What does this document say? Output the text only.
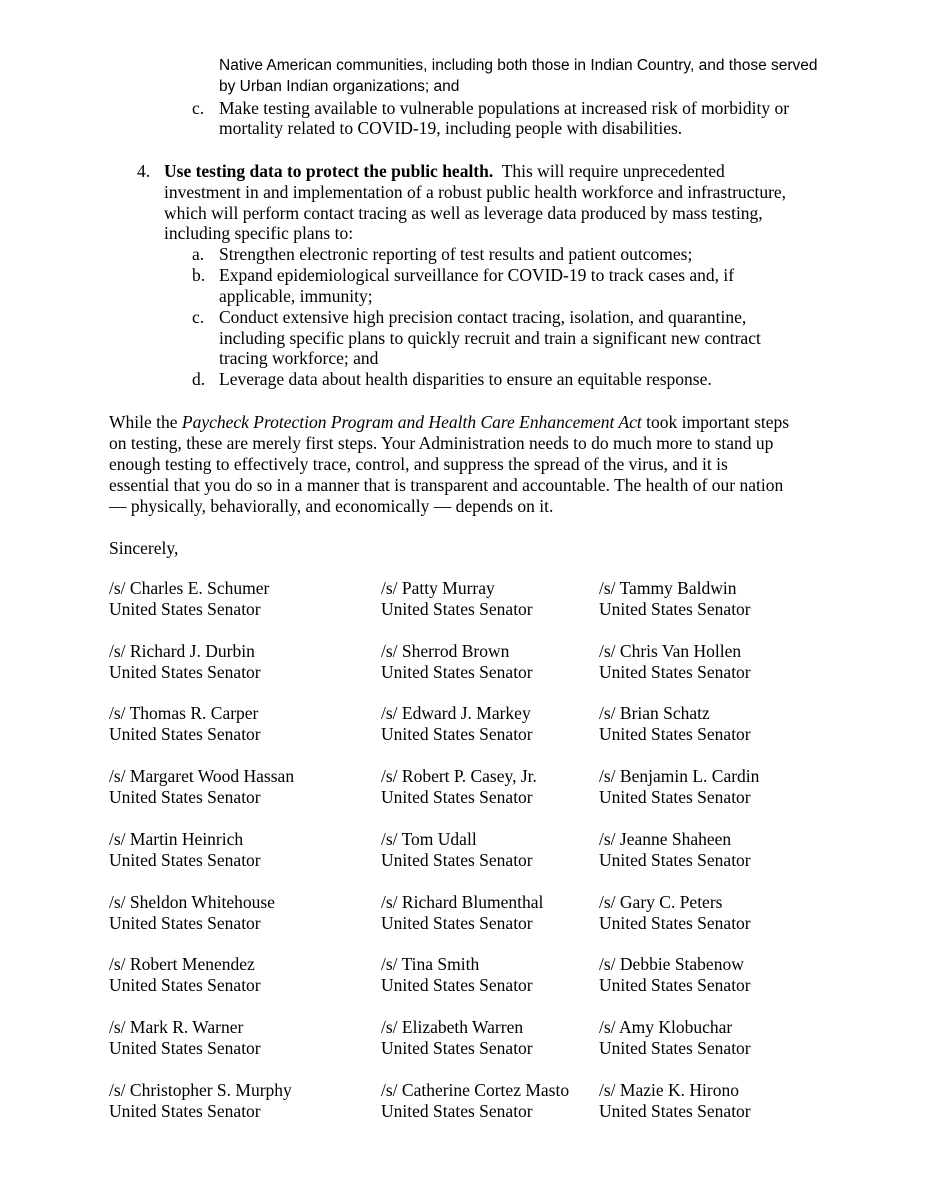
Native American communities, including both those in Indian Country, and those served
by Urban Indian organizations; and
c. Make testing available to vulnerable populations at increased risk of morbidity or
mortality related to COVID-19, including people with disabilities.
4. Use testing data to protect the public health. This will require unprecedented
investment in and implementation of a robust public health workforce and infrastructure,
which will perform contact tracing as well as leverage data produced by mass testing,
including specific plans to:
a. Strengthen electronic reporting of test results and patient outcomes;
b. Expand epidemiological surveillance for COVID-19 to track cases and, if
applicable, immunity;
c. Conduct extensive high precision contact tracing, isolation, and quarantine,
including specific plans to quickly recruit and train a significant new contract
tracing workforce; and
d. Leverage data about health disparities to ensure an equitable response.
While the Paycheck Protection Program and Health Care Enhancement Act took important steps
on testing, these are merely first steps. Your Administration needs to do much more to stand up
enough testing to effectively trace, control, and suppress the spread of the virus, and it is
essential that you do so in a manner that is transparent and accountable. The health of our nation
— physically, behaviorally, and economically — depends on it.
Sincerely,
/s/ Charles E. Schumer
United States Senator
/s/ Patty Murray
United States Senator
/s/ Tammy Baldwin
United States Senator
/s/ Richard J. Durbin
United States Senator
/s/ Sherrod Brown
United States Senator
/s/ Chris Van Hollen
United States Senator
/s/ Thomas R. Carper
United States Senator
/s/ Edward J. Markey
United States Senator
/s/ Brian Schatz
United States Senator
/s/ Margaret Wood Hassan
United States Senator
/s/ Robert P. Casey, Jr.
United States Senator
/s/ Benjamin L. Cardin
United States Senator
/s/ Martin Heinrich
United States Senator
/s/ Tom Udall
United States Senator
/s/ Jeanne Shaheen
United States Senator
/s/ Sheldon Whitehouse
United States Senator
/s/ Richard Blumenthal
United States Senator
/s/ Gary C. Peters
United States Senator
/s/ Robert Menendez
United States Senator
/s/ Tina Smith
United States Senator
/s/ Debbie Stabenow
United States Senator
/s/ Mark R. Warner
United States Senator
/s/ Elizabeth Warren
United States Senator
/s/ Amy Klobuchar
United States Senator
/s/ Christopher S. Murphy
United States Senator
/s/ Catherine Cortez Masto
United States Senator
/s/ Mazie K. Hirono
United States Senator
